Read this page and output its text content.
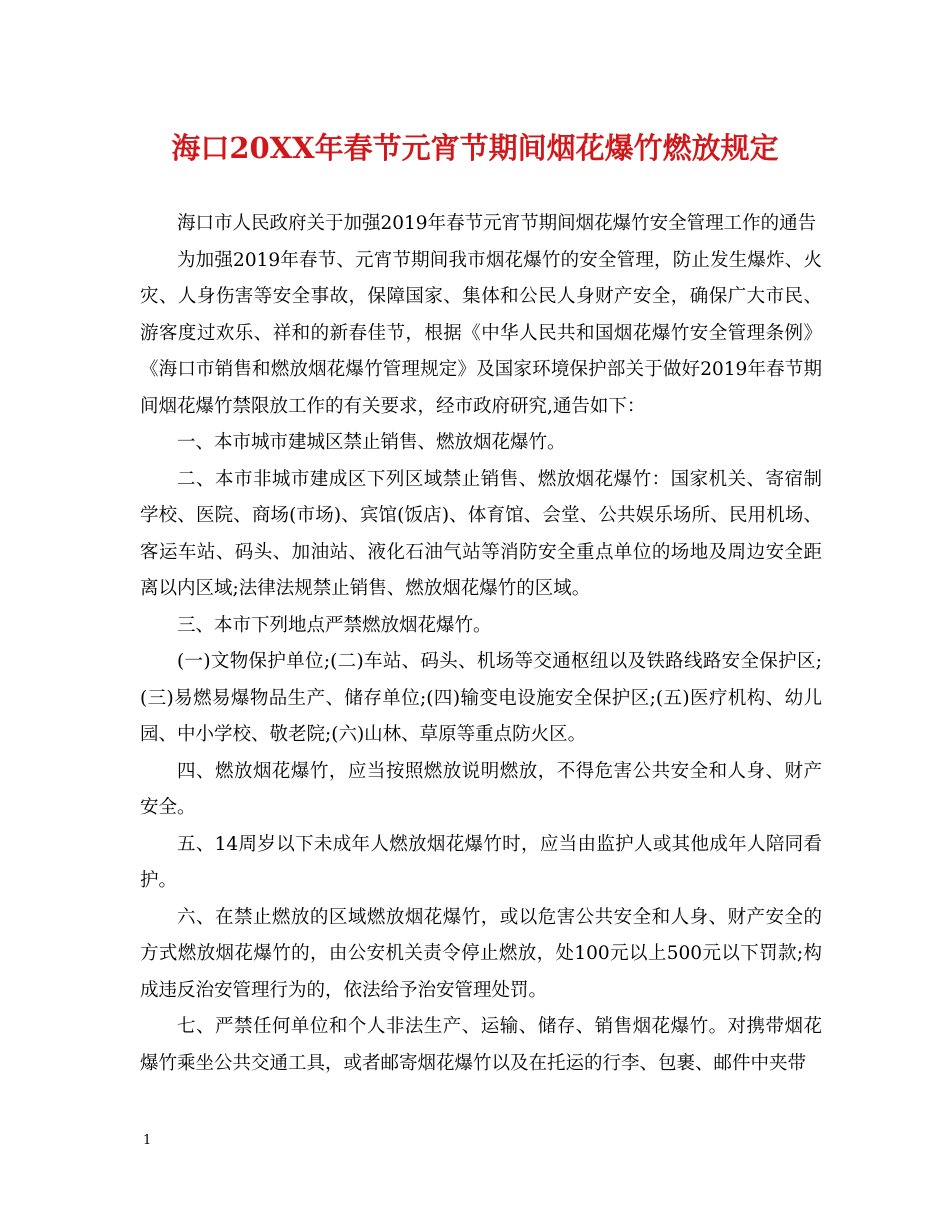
海口20XX年春节元宵节期间烟花爆竹燃放规定

海口市人民政府关于加强2019年春节元宵节期间烟花爆竹安全管理工作的通告

为加强2019年春节、元宵节期间我市烟花爆竹的安全管理，防止发生爆炸、火灾、人身伤害等安全事故，保障国家、集体和公民人身财产安全，确保广大市民、游客度过欢乐、祥和的新春佳节，根据《中华人民共和国烟花爆竹安全管理条例》《海口市销售和燃放烟花爆竹管理规定》及国家环境保护部关于做好2019年春节期间烟花爆竹禁限放工作的有关要求，经市政府研究,通告如下：

一、本市城市建城区禁止销售、燃放烟花爆竹。

二、本市非城市建成区下列区域禁止销售、燃放烟花爆竹：国家机关、寄宿制学校、医院、商场(市场)、宾馆(饭店)、体育馆、会堂、公共娱乐场所、民用机场、客运车站、码头、加油站、液化石油气站等消防安全重点单位的场地及周边安全距离以内区域;法律法规禁止销售、燃放烟花爆竹的区域。

三、本市下列地点严禁燃放烟花爆竹。

(一)文物保护单位;(二)车站、码头、机场等交通枢纽以及铁路线路安全保护区;(三)易燃易爆物品生产、储存单位;(四)输变电设施安全保护区;(五)医疗机构、幼儿园、中小学校、敬老院;(六)山林、草原等重点防火区。

四、燃放烟花爆竹，应当按照燃放说明燃放，不得危害公共安全和人身、财产安全。

五、14周岁以下未成年人燃放烟花爆竹时，应当由监护人或其他成年人陪同看护。

六、在禁止燃放的区域燃放烟花爆竹，或以危害公共安全和人身、财产安全的方式燃放烟花爆竹的，由公安机关责令停止燃放，处100元以上500元以下罚款;构成违反治安管理行为的，依法给予治安管理处罚。

七、严禁任何单位和个人非法生产、运输、储存、销售烟花爆竹。对携带烟花爆竹乘坐公共交通工具，或者邮寄烟花爆竹以及在托运的行李、包裹、邮件中夹带

1
